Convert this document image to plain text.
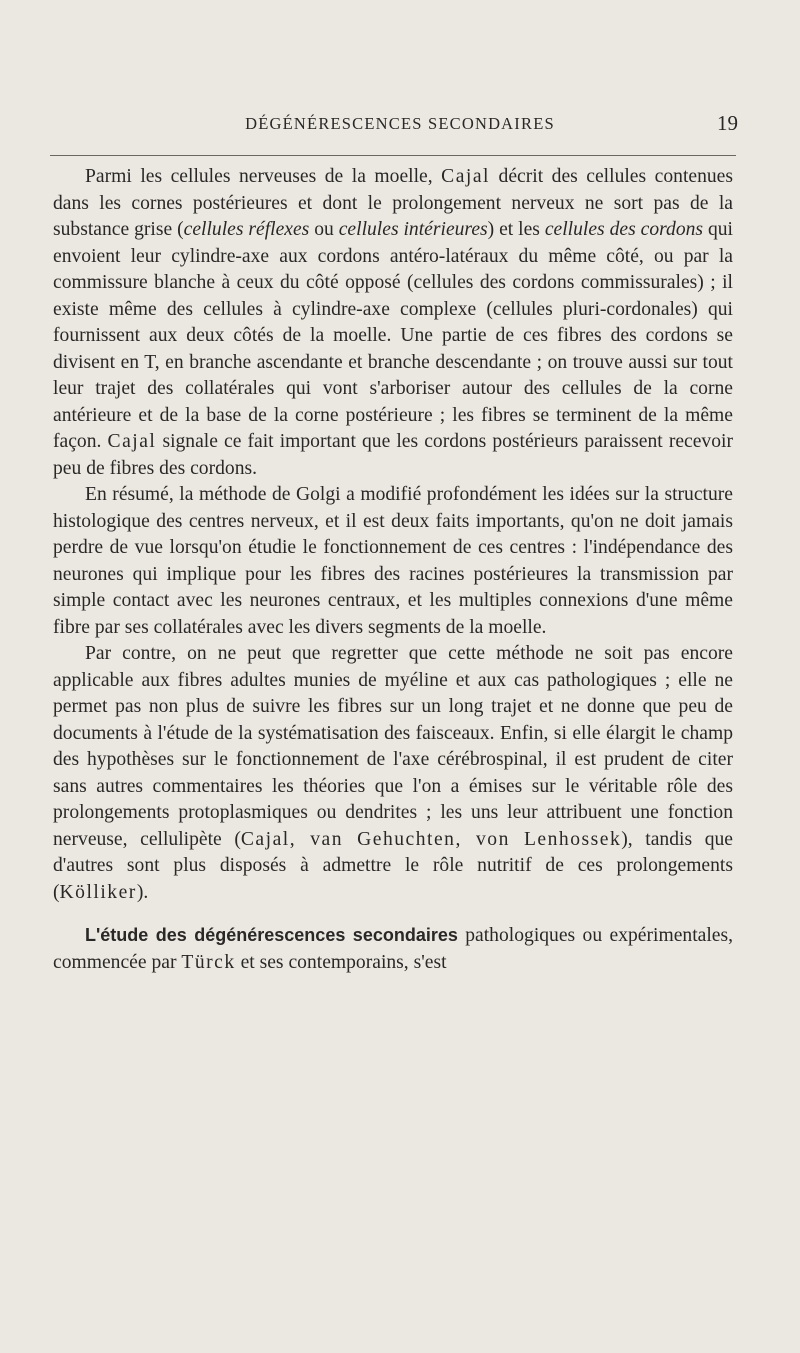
DÉGÉNÉRESCENCES SECONDAIRES	19

Parmi les cellules nerveuses de la moelle, Cajal décrit des cellules contenues dans les cornes postérieures et dont le prolongement nerveux ne sort pas de la substance grise (cellules réflexes ou cellules intérieures) et les cellules des cordons qui envoient leur cylindre-axe aux cordons antéro-latéraux du même côté, ou par la commissure blanche à ceux du côté opposé (cellules des cordons commissurales) ; il existe même des cellules à cylindre-axe complexe (cellules pluri-cordonales) qui fournissent aux deux côtés de la moelle. Une partie de ces fibres des cordons se divisent en T, en branche ascendante et branche descendante ; on trouve aussi sur tout leur trajet des collatérales qui vont s'arboriser autour des cellules de la corne antérieure et de la base de la corne postérieure ; les fibres se terminent de la même façon. Cajal signale ce fait important que les cordons postérieurs paraissent recevoir peu de fibres des cordons.

En résumé, la méthode de Golgi a modifié profondément les idées sur la structure histologique des centres nerveux, et il est deux faits importants, qu'on ne doit jamais perdre de vue lorsqu'on étudie le fonctionnement de ces centres : l'indépendance des neurones qui implique pour les fibres des racines postérieures la transmission par simple contact avec les neurones centraux, et les multiples connexions d'une même fibre par ses collatérales avec les divers segments de la moelle.

Par contre, on ne peut que regretter que cette méthode ne soit pas encore applicable aux fibres adultes munies de myéline et aux cas pathologiques ; elle ne permet pas non plus de suivre les fibres sur un long trajet et ne donne que peu de documents à l'étude de la systématisation des faisceaux. Enfin, si elle élargit le champ des hypothèses sur le fonctionnement de l'axe cérébrospinal, il est prudent de citer sans autres commentaires les théories que l'on a émises sur le véritable rôle des prolongements protoplasmiques ou dendrites ; les uns leur attribuent une fonction nerveuse, cellulipète (Cajal, van Gehuchten, von Lenhossek), tandis que d'autres sont plus disposés à admettre le rôle nutritif de ces prolongements (Kölliker).

L'étude des dégénérescences secondaires pathologiques ou expérimentales, commencée par Türck et ses contemporains, s'est
